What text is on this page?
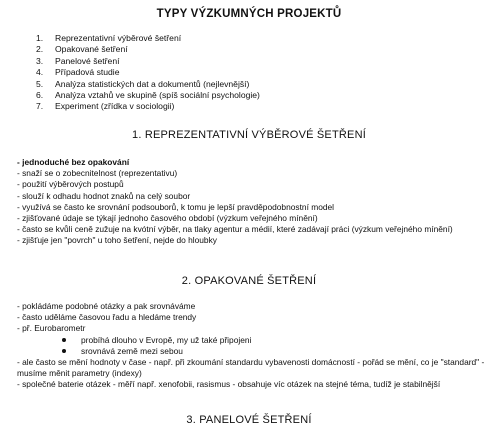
TYPY VÝZKUMNÝCH PROJEKTŮ
1.	Reprezentativní výběrové šetření
2.	Opakované šetření
3.	Panelové šetření
4.	Případová studie
5.	Analýza statistických dat a dokumentů (nejlevnější)
6.	Analýza vztahů ve skupině (spíš sociální psychologie)
7.	Experiment (zřídka v sociologii)
1. REPREZENTATIVNÍ VÝBĚROVÉ ŠETŘENÍ
- jednoduché bez opakování
- snaží se o zobecnitelnost (reprezentativu)
- použití výběrových postupů
- slouží k odhadu hodnot znaků na celý soubor
- využívá se často ke srovnání podsouborů, k tomu je lepší pravděpodobnostní model
- zjišťované údaje se týkají jednoho časového období (výzkum veřejného mínění)
- často se kvůli ceně zužuje na kvótní výběr, na tlaky agentur a médií, které zadávají práci (výzkum veřejného mínění)
- zjišťuje jen "povrch" u toho šetření, nejde do hloubky
2. OPAKOVANÉ ŠETŘENÍ
- pokládáme podobné otázky a pak srovnáváme
- často uděláme časovou řadu a hledáme trendy
- př. Eurobarometr
probíhá dlouho v Evropě, my už také připojeni
srovnává země mezi sebou
- ale často se mění hodnoty v čase - např. při zkoumání standardu vybavenosti domácností - pořád se mění, co je "standard" - musíme měnit parametry (indexy)
- společné baterie otázek - měří např. xenofobii, rasismus - obsahuje víc otázek na stejné téma, tudíž je stabilnější
3. PANELOVÉ ŠETŘENÍ
